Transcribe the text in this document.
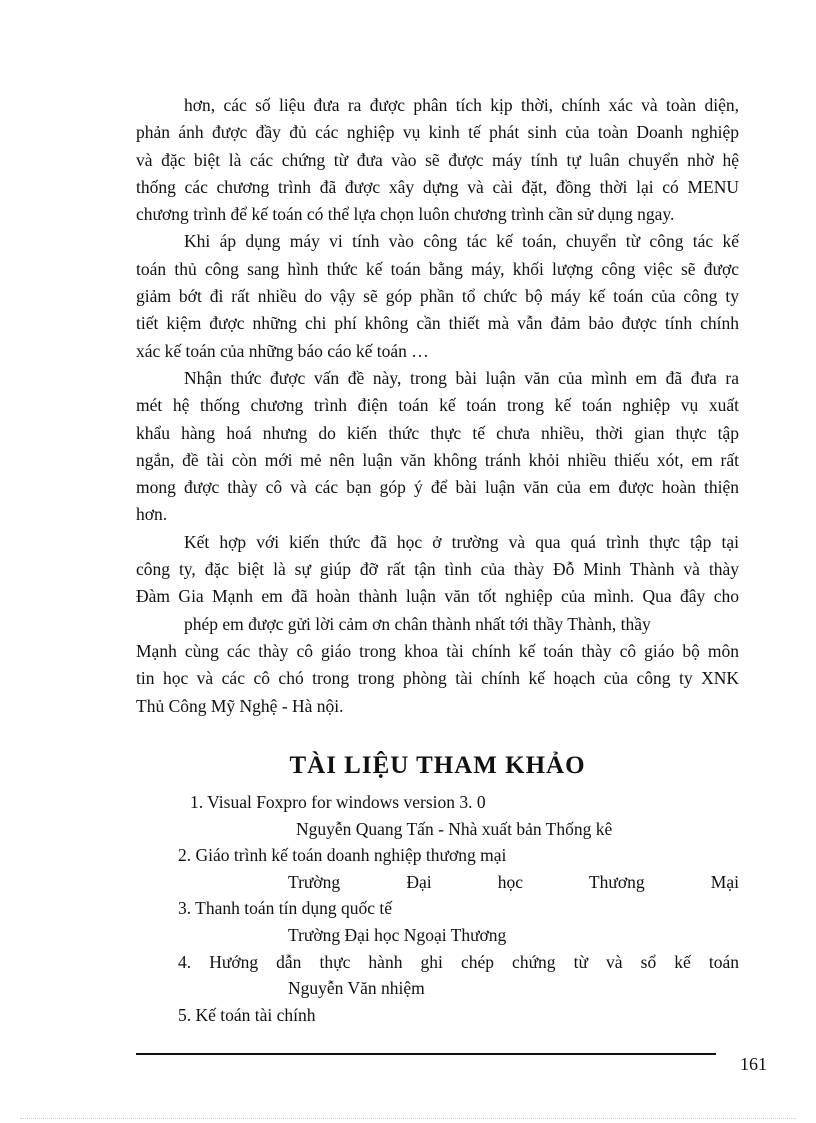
hơn, các số liệu đưa ra được phân tích kịp thời, chính xác và toàn diện,

phản ánh được đầy đủ các nghiệp vụ kinh tế phát sinh của toàn Doanh nghiệp

và đặc biệt là các chứng từ đưa vào sẽ được máy tính tự luân chuyển nhờ hệ

thống các chương trình đã được xây dựng và cài đặt, đồng thời lại có MENU

chương trình để kế toán có thể lựa chọn luôn chương trình cần sử dụng ngay.

Khi áp dụng máy vi tính vào công tác kế toán, chuyển từ công tác kế

toán thủ công sang hình thức kế toán bằng máy, khối lượng công việc sẽ được

giảm bớt đi rất nhiều do vậy sẽ góp phần tổ chức bộ máy kế toán của công ty

tiết kiệm được những chi phí không cần thiết mà vẫn đảm bảo được tính chính

xác kế toán của những báo cáo kế toán …

Nhận thức được vấn đề này, trong bài luận văn của mình em đã đưa ra

mét hệ thống chương trình điện toán kế toán trong kế toán nghiệp vụ xuất

khẩu hàng hoá nhưng do kiến thức thực tế chưa nhiều, thời gian thực tập

ngắn, đề tài còn mới mẻ nên luận văn không tránh khỏi nhiều thiếu xót, em rất

mong được thày cô và các bạn góp ý để bài luận văn của em được hoàn thiện

hơn.

Kết hợp với kiến thức đã học ở trường và qua quá trình thực tập tại

công ty, đặc biệt là sự giúp đỡ rất tận tình của thày Đỗ Minh Thành và thày

Đàm Gia Mạnh em đã hoàn thành luận văn tốt nghiệp của mình. Qua đây cho

phép em được gửi lời cảm ơn chân thành nhất tới thầy Thành, thầy

Mạnh cùng các thày cô giáo trong khoa tài chính kế toán thày cô giáo bộ môn

tin học và các cô chó trong trong phòng tài chính kế hoạch của công ty XNK

Thủ Công Mỹ Nghệ - Hà nội.

TÀI LIỆU THAM KHẢO

1. Visual Foxpro for windows version 3. 0

Nguyễn Quang Tấn - Nhà xuất bản Thống kê

2. Giáo trình kế toán doanh nghiệp thương mại

Trường Đại học Thương Mại

3. Thanh toán tín dụng quốc tế

Trường Đại học Ngoại Thương

4. Hướng dẫn thực hành ghi chép chứng từ và sổ kế toán

Nguyễn Văn nhiệm

5. Kế toán tài chính

161
